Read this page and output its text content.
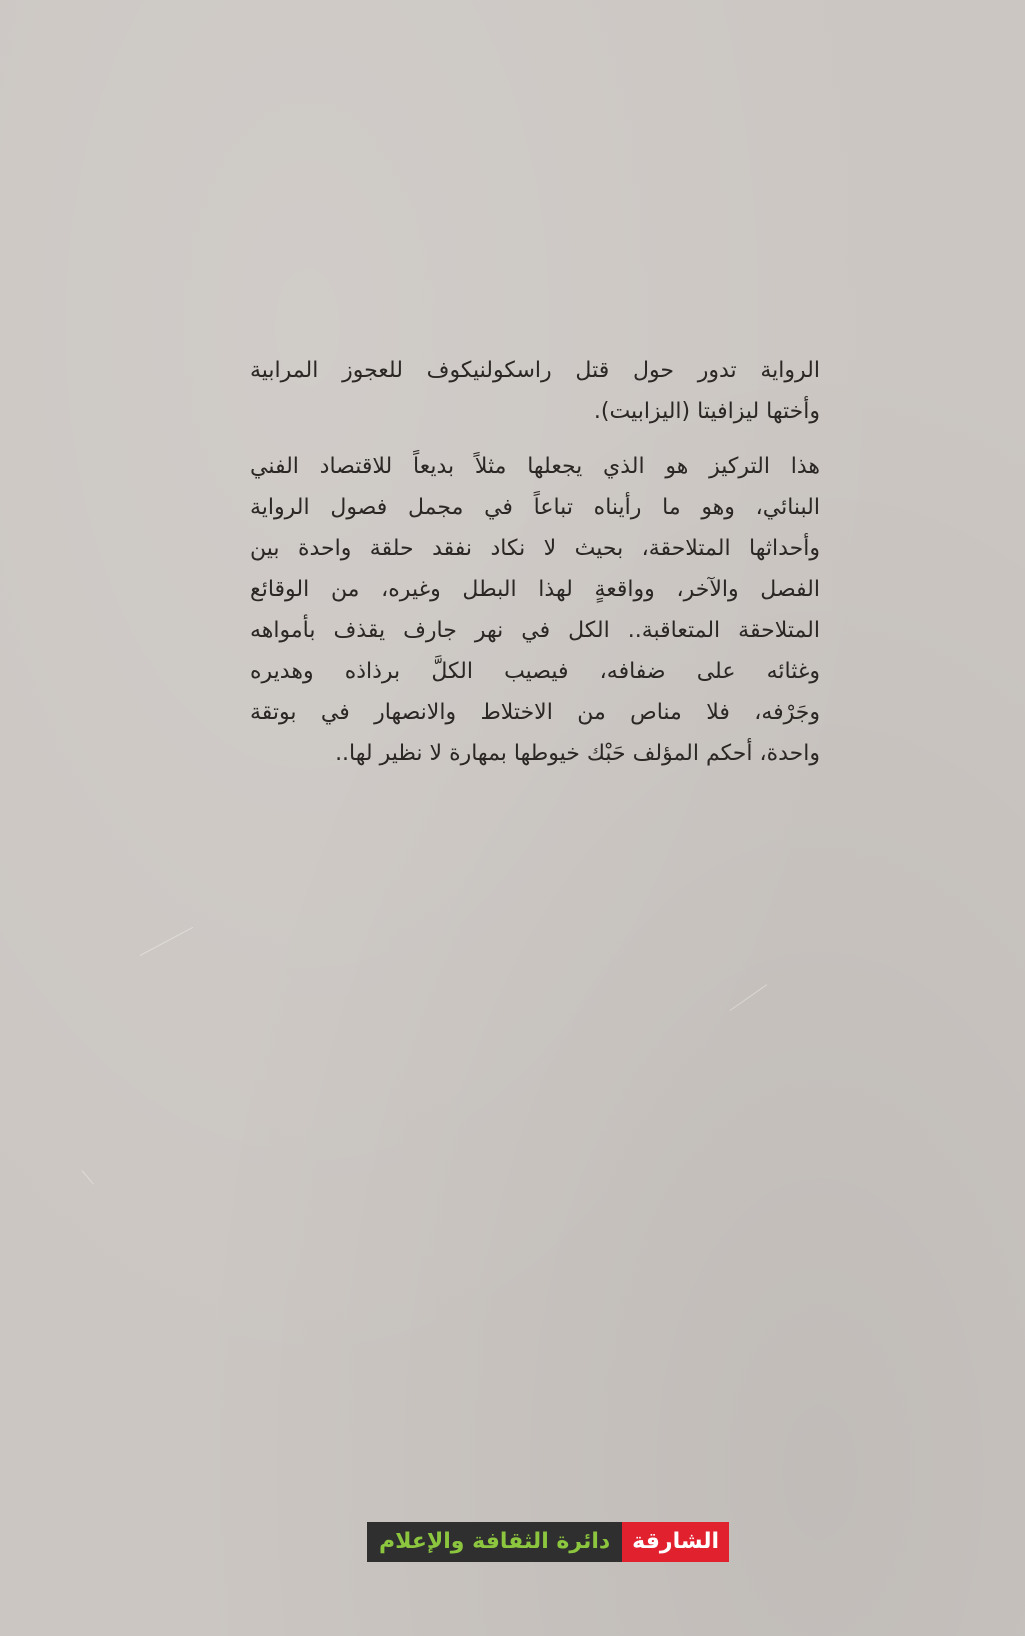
الرواية تدور حول قتل راسكولنيكوف للعجوز المرابية
وأختها ليزافيتا (اليزابيت).

هذا التركيز هو الذي يجعلها مثلاً بديعاً للاقتصاد الفني
البنائي، وهو ما رأيناه تباعاً في مجمل فصول الرواية
وأحداثها المتلاحقة، بحيث لا نكاد نفقد حلقة واحدة بين
الفصل والآخر، وواقعةٍ لهذا البطل وغيره، من الوقائع
المتلاحقة المتعاقبة.. الكل في نهر جارف يقذف بأمواهه
وغثائه على ضفافه، فيصيب الكلَّ برذاذه وهديره
وجَرْفه، فلا مناص من الاختلاط والانصهار في بوتقة
واحدة، أحكم المؤلف حَبْك خيوطها بمهارة لا نظير لها..

دائرة الثقافة والإعلام	الشارقة
